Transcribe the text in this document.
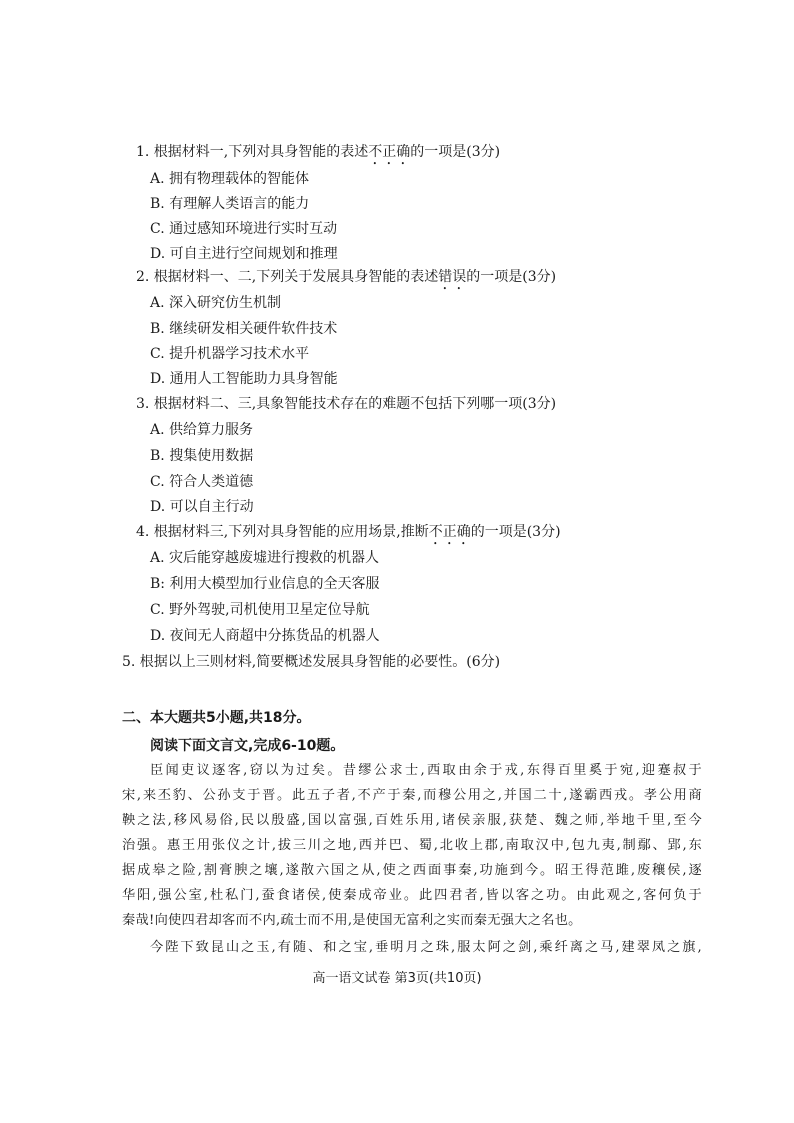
1. 根据材料一,下列对具身智能的表述不正确的一项是(3分)
A. 拥有物理载体的智能体
B. 有理解人类语言的能力
C. 通过感知环境进行实时互动
D. 可自主进行空间规划和推理
2. 根据材料一、二,下列关于发展具身智能的表述错误的一项是(3分)
A. 深入研究仿生机制
B. 继续研发相关硬件软件技术
C. 提升机器学习技术水平
D. 通用人工智能助力具身智能
3. 根据材料二、三,具象智能技术存在的难题不包括下列哪一项(3分)
A. 供给算力服务
B. 搜集使用数据
C. 符合人类道德
D. 可以自主行动
4. 根据材料三,下列对具身智能的应用场景,推断不正确的一项是(3分)
A. 灾后能穿越废墟进行搜救的机器人
B: 利用大模型加行业信息的全天客服
C. 野外驾驶,司机使用卫星定位导航
D. 夜间无人商超中分拣货品的机器人
5. 根据以上三则材料,简要概述发展具身智能的必要性。(6分)
二、本大题共5小题,共18分。
阅读下面文言文,完成6-10题。
臣闻吏议逐客,窃以为过矣。昔缪公求士,西取由余于戎,东得百里奚于宛,迎蹇叔于
宋,来丕豹、公孙支于晋。此五子者,不产于秦,而穆公用之,并国二十,遂霸西戎。孝公用商
鞅之法,移风易俗,民以殷盛,国以富强,百姓乐用,诸侯亲服,获楚、魏之师,举地千里,至今
治强。惠王用张仪之计,拔三川之地,西并巴、蜀,北收上郡,南取汉中,包九夷,制鄢、郢,东
据成皋之险,割膏腴之壤,遂散六国之从,使之西面事秦,功施到今。昭王得范雎,废穰侯,逐
华阳,强公室,杜私门,蚕食诸侯,使秦成帝业。此四君者,皆以客之功。由此观之,客何负于
秦哉!向使四君却客而不内,疏士而不用,是使国无富利之实而秦无强大之名也。
今陛下致昆山之玉,有随、和之宝,垂明月之珠,服太阿之剑,乘纤离之马,建翠凤之旗,
高一语文试卷 第3页(共10页)
